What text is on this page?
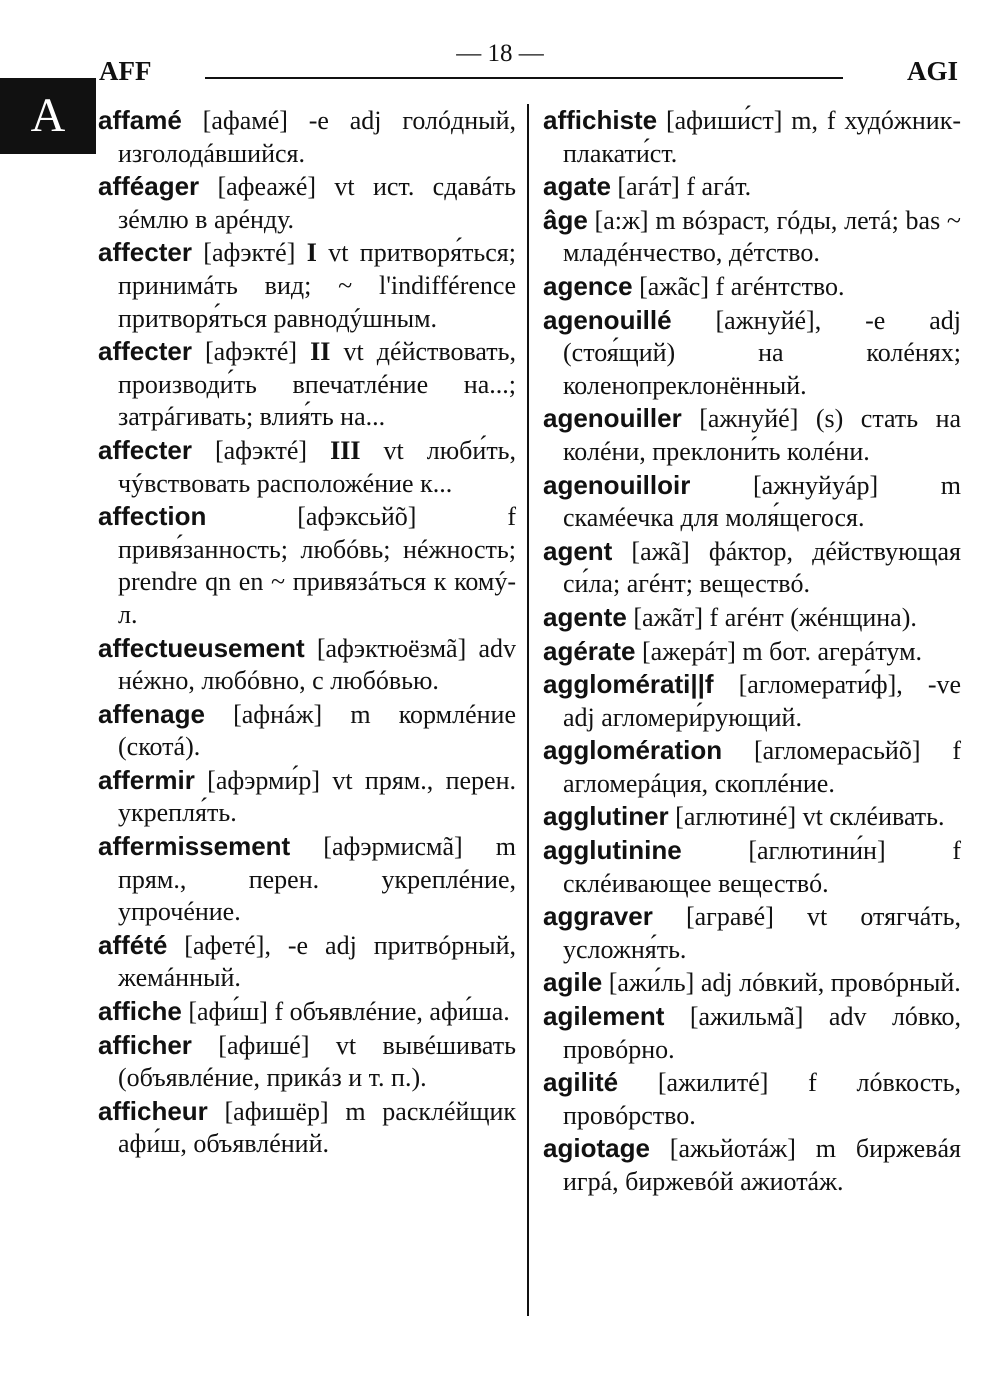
AFF
— 18 —
AGI
A	affamé [афамé] -e adj голóдный, изголодáвшийся.

afféager [афеажé] vt ист. сдавáть зéмлю в арéнду.

affecter [афэктé] I vt притворя́ться; принимáть вид; ~ l'indifférence притворя́ться равнодýшным.

affecter [афэктé] II vt дéйствовать, производи́ть впечатлéние на...; затрáгивать; влия́ть на...

affecter [афэктé] III vt люби́ть, чýвствовать расположéние к...

affection	[афэксьйõ]	f привя́занность; любóвь; нéжность; prendre qn en ~ привязáться к комý-л.

affectueusement [афэктюёзмã] adv нéжно, любóвно, с любóвью.

affenage [афнáж] m кормлéние (скотá).

affermir [афэрми́р] vt прям., перен. укрепля́ть.

affermissement [афэрмисмã] m прям., перен. укреплéние, упрочéние.

affété [афетé], -e adj притвóрный, жемáнный.

affiche [афи́ш] f объявлéние, афи́ша.

afficher [афишé] vt вывéшивать (объявлéние, прикáз и т. п.).

afficheur [афишёр] m расклéйщик афи́ш, объявлéний.

affichiste [афиши́ст] m, f худóжник-плакати́ст.

agate [агáт] f агáт.

âge [а:ж] m вóзраст, гóды, летá; bas ~ младéнчество, дéтство.

agence [ажãс] f агéнтство.

agenouillé [ажнуйé], -e adj (стоя́щий) на колéнях; коленопреклонённый.

agenouiller [ажнуйé] (s) стать на колéни, преклони́ть колéни.

agenouilloir [ажнуйуáр] m скамéечка для моля́щегося.

agent [ажã] фáктор, дéйствующая си́ла; агéнт; веществó.

agente [ажãт] f агéнт (жéнщина).

agérate [ажерáт] m бот. агерáтум.

agglomérati||f [агломерати́ф], -ve adj агломери́рующий.

agglomération [агломерасьйõ] f агломерáция, скоплéние.

agglutiner [аглютинé] vt склéивать.

agglutinine	[аглютини́н]	f склéивающее веществó.

aggraver [агравé] vt отягчáть, усложня́ть.

agile [ажи́ль] adj лóвкий, провóрный.

agilement [ажильмã] adv лóвко, провóрно.

agilité [ажилитé] f лóвкость, провóрство.

agiotage [ажьйотáж] m биржевáя игрá, биржевóй ажиотáж.
